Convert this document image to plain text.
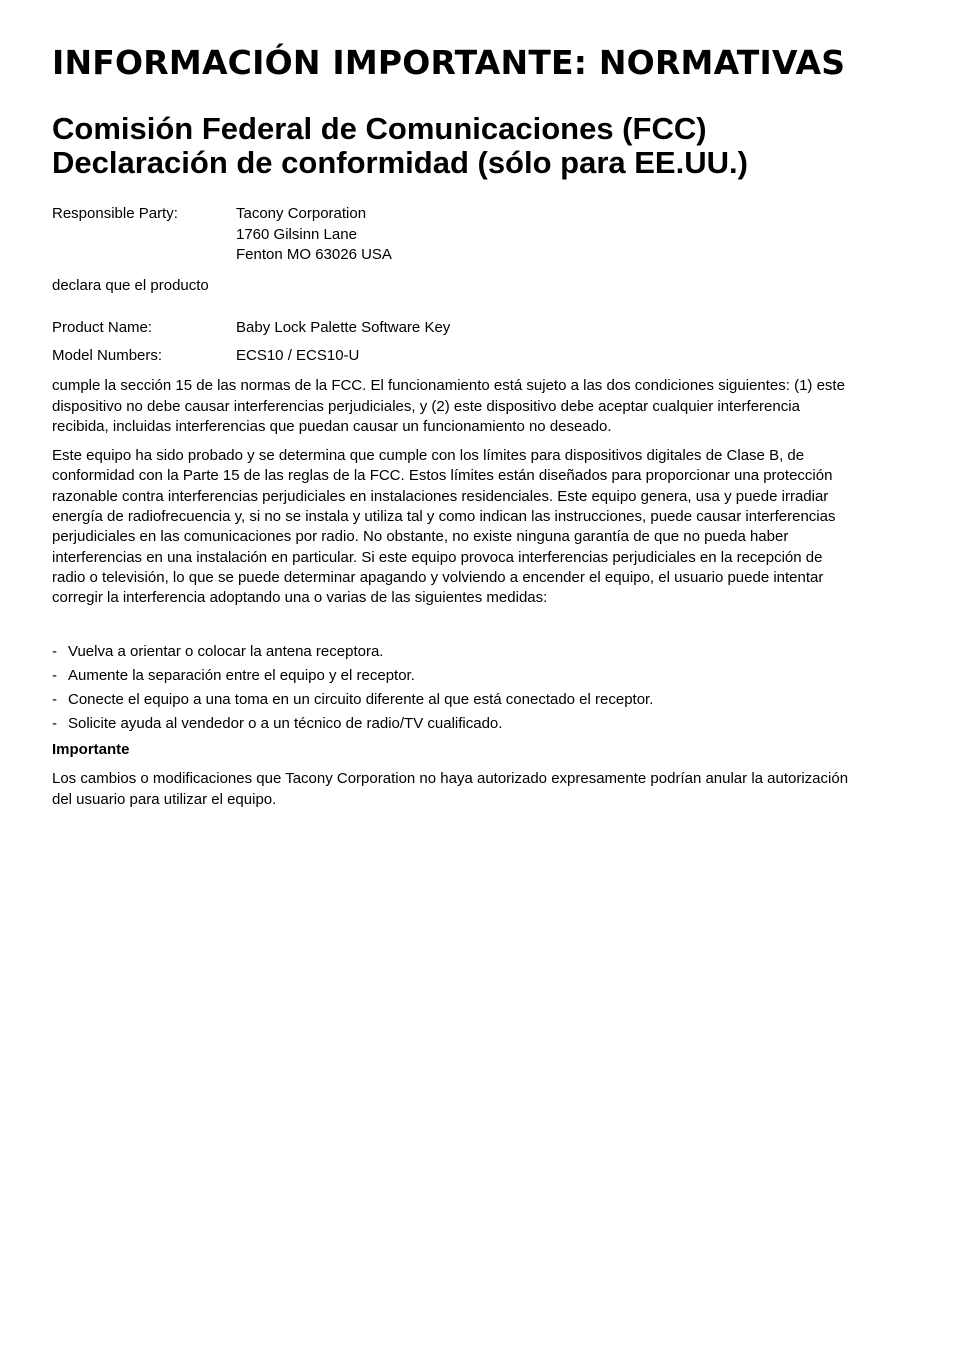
INFORMACIÓN IMPORTANTE: NORMATIVAS
Comisión Federal de Comunicaciones (FCC)
Declaración de conformidad (sólo para EE.UU.)
Responsible Party:	Tacony Corporation
1760 Gilsinn Lane
Fenton MO 63026 USA

declara que el producto

Product Name:	Baby Lock Palette Software Key
Model Numbers:	ECS10 / ECS10-U

cumple la sección 15 de las normas de la FCC. El funcionamiento está sujeto a las dos condiciones siguientes: (1) este dispositivo no debe causar interferencias perjudiciales, y (2) este dispositivo debe aceptar cualquier interferencia recibida, incluidas interferencias que puedan causar un funcionamiento no deseado.

Este equipo ha sido probado y se determina que cumple con los límites para dispositivos digitales de Clase B, de conformidad con la Parte 15 de las reglas de la FCC. Estos límites están diseñados para proporcionar una protección razonable contra interferencias perjudiciales en instalaciones residenciales. Este equipo genera, usa y puede irradiar energía de radiofrecuencia y, si no se instala y utiliza tal y como indican las instrucciones, puede causar interferencias perjudiciales en las comunicaciones por radio. No obstante, no existe ninguna garantía de que no pueda haber interferencias en una instalación en particular. Si este equipo provoca interferencias perjudiciales en la recepción de radio o televisión, lo que se puede determinar apagando y volviendo a encender el equipo, el usuario puede intentar corregir la interferencia adoptando una o varias de las siguientes medidas:

- Vuelva a orientar o colocar la antena receptora.
- Aumente la separación entre el equipo y el receptor.
- Conecte el equipo a una toma en un circuito diferente al que está conectado el receptor.
- Solicite ayuda al vendedor o a un técnico de radio/TV cualificado.

Importante

Los cambios o modificaciones que Tacony Corporation no haya autorizado expresamente podrían anular la autorización del usuario para utilizar el equipo.
